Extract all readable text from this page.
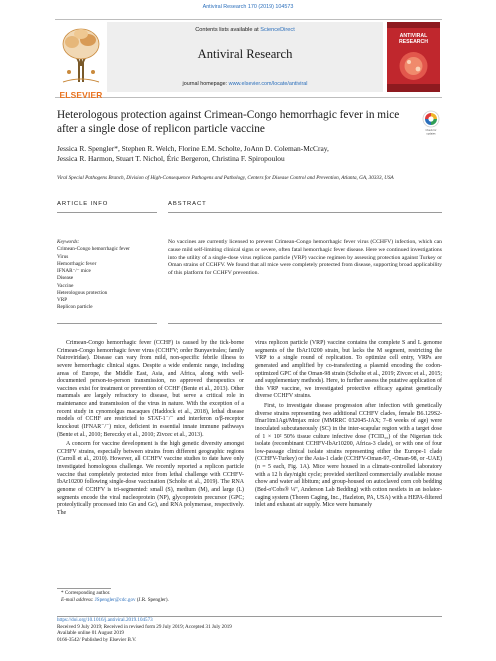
Antiviral Research 170 (2019) 104573
Contents lists available at ScienceDirect
Antiviral Research
journal homepage: www.elsevier.com/locate/antiviral
ELSEVIER
ANTIVIRAL
RESEARCH
Heterologous protection against Crimean-Congo hemorrhagic fever in mice after a single dose of replicon particle vaccine	Check for
updates
Jessica R. Spengler*, Stephen R. Welch, Florine E.M. Scholte, JoAnn D. Coleman-McCray,
Jessica R. Harmon, Stuart T. Nichol, Éric Bergeron, Christina F. Spiropoulou
Viral Special Pathogens Branch, Division of High-Consequence Pathogens and Pathology, Centers for Disease Control and Prevention, Atlanta, GA, 30333, USA
ARTICLE INFO	ABSTRACT
Keywords:
Crimean-Congo hemorrhagic fever
Virus
Hemorrhagic fever
IFNAR⁻/⁻ mice
Disease
Vaccine
Heterologous protection
VRP
Replicon particle
No vaccines are currently licensed to prevent Crimean-Congo hemorrhagic fever virus (CCHFV) infection, which can cause mild self-limiting clinical signs or severe, often fatal hemorrhagic fever disease. Here we continued investigations into the utility of a single-dose virus replicon particle (VRP) vaccine regimen by assessing protection against Turkey or Oman strains of CCHFV. We found that all mice were completely protected from disease, supporting broad applicability of this platform for CCHFV prevention.

Crimean-Congo hemorrhagic fever (CCHF) is caused by the tick-borne Crimean-Congo hemorrhagic fever virus (CCHFV; order Bunyavirales; family Nairoviridae). Disease can vary from mild, non-specific febrile illness to severe hemorrhagic clinical signs. Despite a wide endemic range, including areas of Europe, the Middle East, Asia, and Africa, along with well-documented person-to-person transmission, no approved therapeutics or vaccines exist for treatment or prevention of CCHF (Bente et al., 2013). Other mammals are largely refractory to disease, but serve a critical role in maintenance and transmission of the virus in nature. With the exception of a recent study in cynomolgus macaques (Haddock et al., 2018), lethal disease models of CCHF are restricted to STAT-1⁻/⁻ and interferon α/β-receptor knockout (IFNAR⁻/⁻) mice, deficient in essential innate immune pathways (Bente et al., 2010; Bereczky et al., 2010; Zivcec et al., 2013).

A concern for vaccine development is the high genetic diversity amongst CCHFV strains, especially between strains from different geographic regions (Carroll et al., 2010). However, all CCHFV vaccine studies to date have only investigated homologous challenge. We recently reported a replicon particle vaccine that completely protected mice from lethal challenge with CCHFV-IbAr10200 following single-dose vaccination (Scholte et al., 2019). The RNA genome of CCHFV is tri-segmented: small (S), medium (M), and large (L) segments encode the viral nucleoprotein (NP), glycoprotein precursor (GPC; proteolytically processed into Gn and Gc), and RNA polymerase, respectively. The

virus replicon particle (VRP) vaccine contains the complete S and L genome segments of the IbAr10200 strain, but lacks the M segment, restricting the VRP to a single round of replication. To optimize cell entry, VRPs are generated and amplified by co-transfecting a plasmid encoding the codon-optimized GPC of the Oman-98 strain (Scholte et al., 2019; Zivcec et al., 2015; and supplementary methods). Here, to further assess the putative application of this VRP vaccine, we investigated protective efficacy against genetically diverse CCHFV strains.

First, to investigate disease progression after infection with genetically diverse strains representing two additional CCHFV clades, female B6.129S2-Ifnar1tm1Agt/Mmjax mice (MMRRC 032045-JAX; 7–8 weeks of age) were inoculated subcutaneously (SC) in the inter-scapular region with a target dose of 1 × 10² 50% tissue culture infective dose (TCID₅₀) of the Nigerian tick isolate (recombinant CCHFV-IbAr10200, Africa-3 clade), or with one of four low-passage clinical isolate strains representing either the Europe-1 clade (CCHFV-Turkey) or the Asia-1 clade (CCHFV-Oman-97, -Oman-98, or -UAE) (n = 5 each, Fig. 1A). Mice were housed in a climate-controlled laboratory with a 12 h day/night cycle; provided sterilized commercially available mouse chow and water ad libitum; and group-housed on autoclaved corn cob bedding (Bed-o'Cobs® ¼", Anderson Lab Bedding) with cotton nestlets in an isolator-caging system (Thoren Caging, Inc., Hazleton, PA, USA) with a HEPA-filtered inlet and exhaust air supply. Mice were humanely

* Corresponding author.
E-mail address: JSpengler@cdc.gov (J.R. Spengler).
https://doi.org/10.1016/j.antiviral.2019.104573
Received 9 July 2019; Received in revised form 29 July 2019; Accepted 31 July 2019
Available online 01 August 2019
0166-3542/ Published by Elsevier B.V.
